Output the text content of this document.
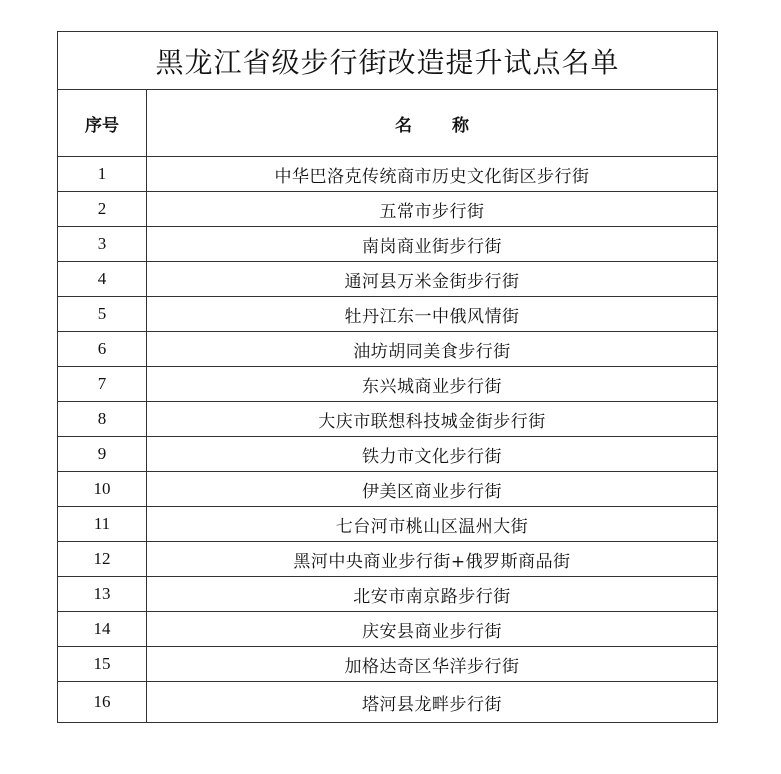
黑龙江省级步行街改造提升试点名单	
序号	名 称
1	中华巴洛克传统商市历史文化街区步行街
2	五常市步行街
3	南岗商业街步行街
4	通河县万米金街步行街
5	牡丹江东一中俄风情街
6	油坊胡同美食步行街
7	东兴城商业步行街
8	大庆市联想科技城金街步行街
9	铁力市文化步行街
10	伊美区商业步行街
11	七台河市桃山区温州大街
12	黑河中央商业步行街+俄罗斯商品街
13	北安市南京路步行街
14	庆安县商业步行街
15	加格达奇区华洋步行街
16	塔河县龙畔步行街
